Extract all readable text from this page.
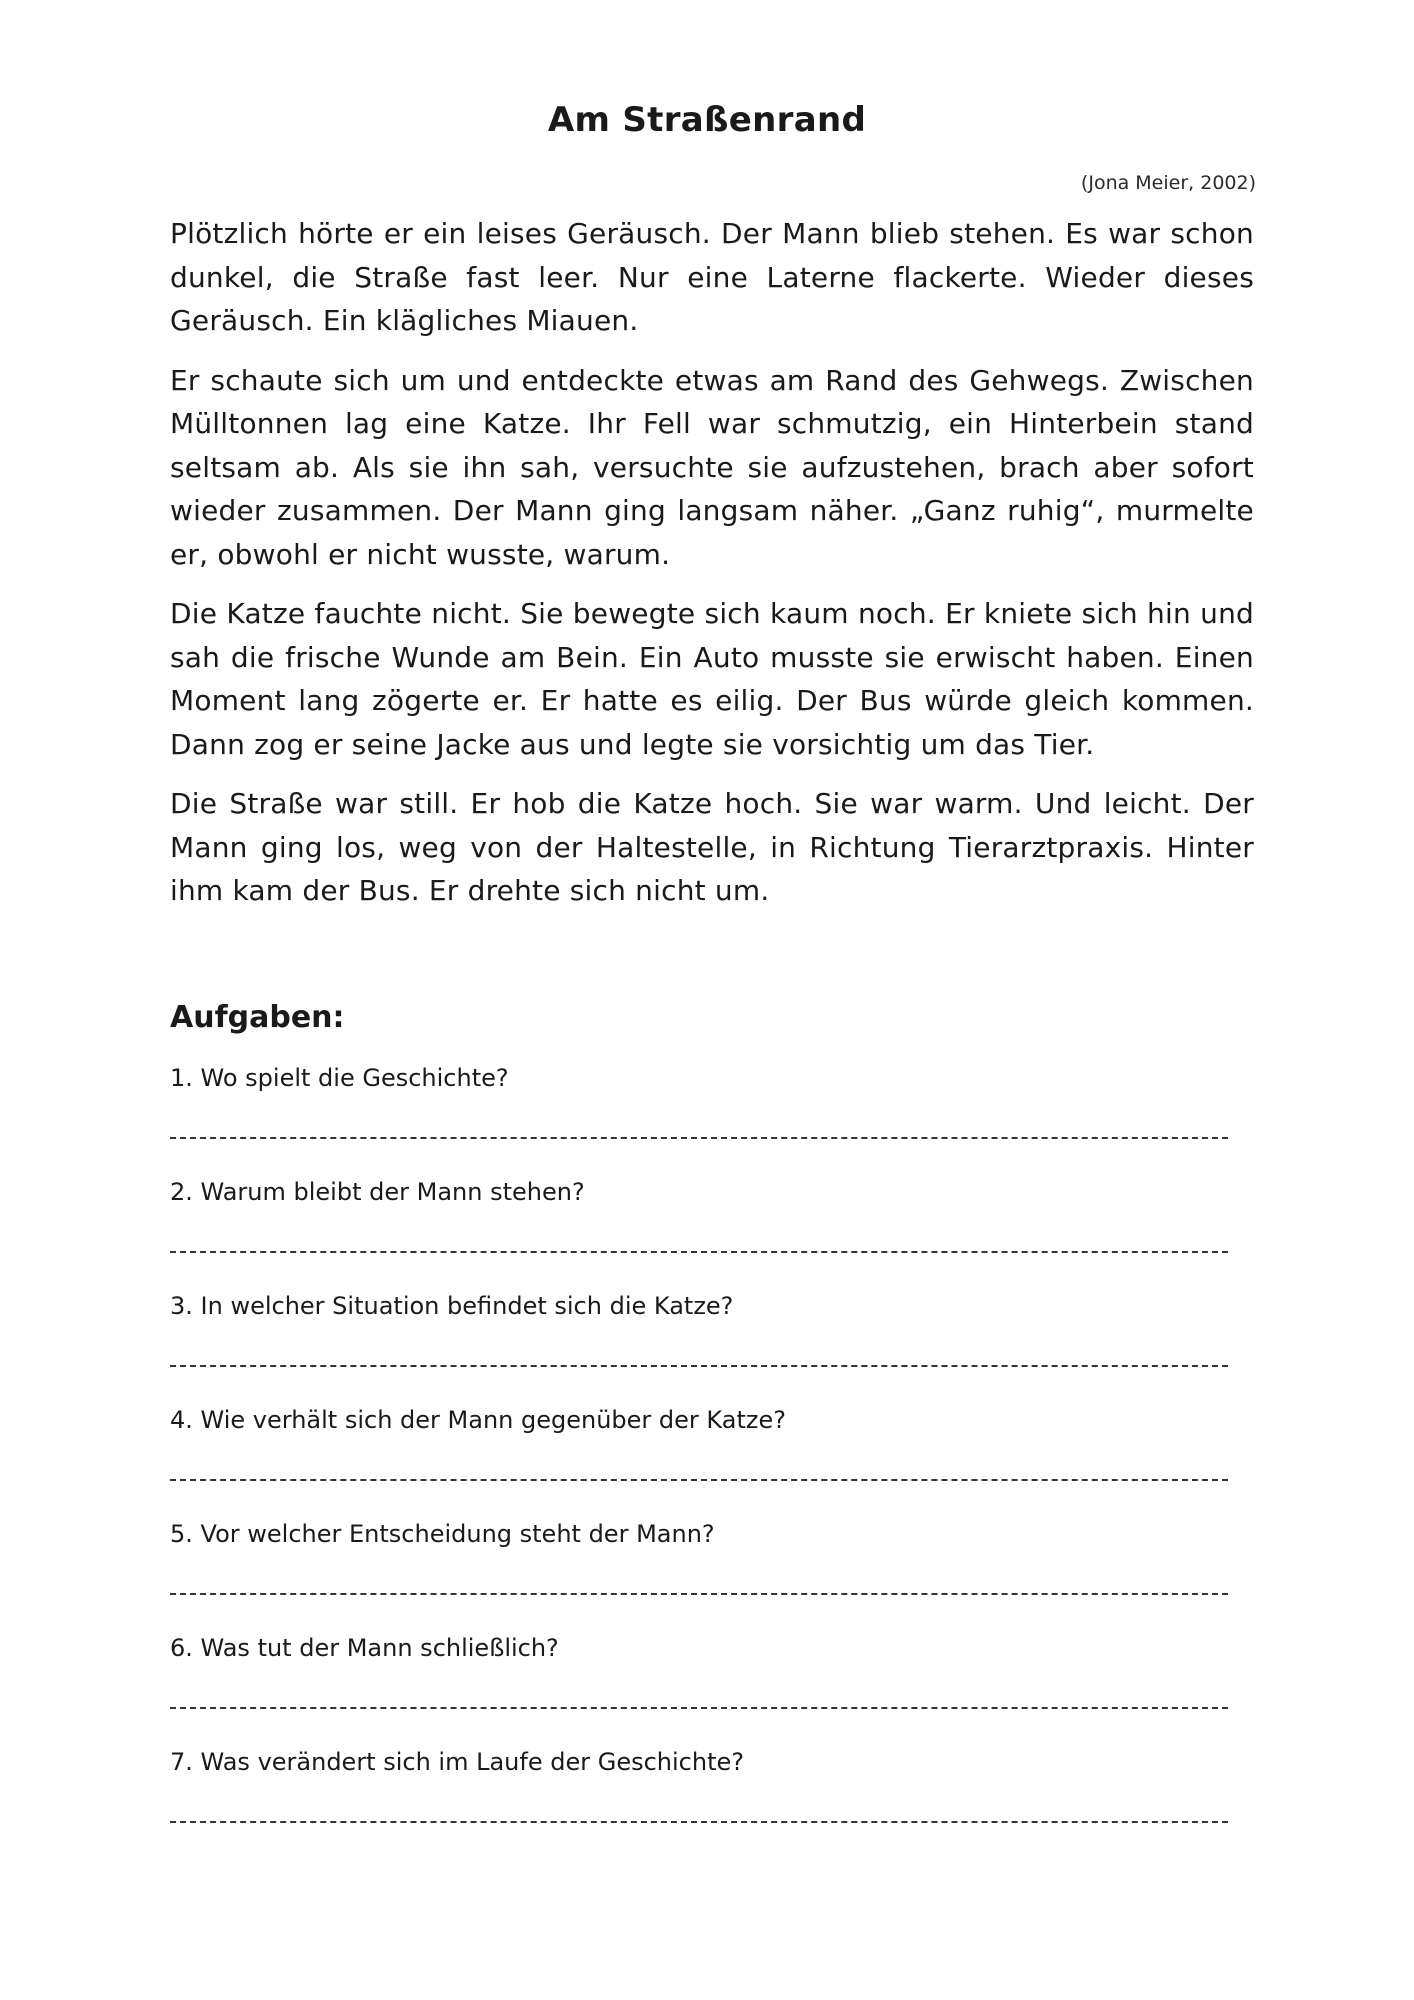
Am Straßenrand
(Jona Meier, 2002)

Plötzlich hörte er ein leises Geräusch. Der Mann blieb stehen. Es war schon dunkel, die Straße fast leer. Nur eine Laterne flackerte. Wieder dieses Geräusch. Ein klägliches Miauen.

Er schaute sich um und entdeckte etwas am Rand des Gehwegs. Zwischen Mülltonnen lag eine Katze. Ihr Fell war schmutzig, ein Hinterbein stand seltsam ab. Als sie ihn sah, versuchte sie aufzustehen, brach aber sofort wieder zusammen. Der Mann ging langsam näher. „Ganz ruhig“, murmelte er, obwohl er nicht wusste, warum.

Die Katze fauchte nicht. Sie bewegte sich kaum noch. Er kniete sich hin und sah die frische Wunde am Bein. Ein Auto musste sie erwischt haben. Einen Moment lang zögerte er. Er hatte es eilig. Der Bus würde gleich kommen. Dann zog er seine Jacke aus und legte sie vorsichtig um das Tier.

Die Straße war still. Er hob die Katze hoch. Sie war warm. Und leicht. Der Mann ging los, weg von der Haltestelle, in Richtung Tierarztpraxis. Hinter ihm kam der Bus. Er drehte sich nicht um.

Aufgaben:
1. Wo spielt die Geschichte?
2. Warum bleibt der Mann stehen?
3. In welcher Situation befindet sich die Katze?
4. Wie verhält sich der Mann gegenüber der Katze?
5. Vor welcher Entscheidung steht der Mann?
6. Was tut der Mann schließlich?
7. Was verändert sich im Laufe der Geschichte?
